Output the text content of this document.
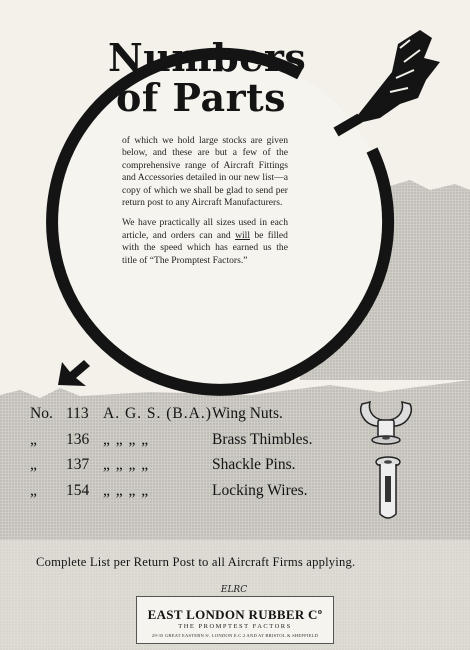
Numbers
of Parts

of which we hold large stocks are given below, and these are but a few of the comprehensive range of Aircraft Fittings and Accessories detailed in our new list—a copy of which we shall be glad to send per return post to any Aircraft Manufacturers.

We have practically all sizes used in each article, and orders can and will be filled with the speed which has earned us the title of “The Promptest Factors.”

No. 113 A. G. S. (B.A.) Wing Nuts.
„ 136 „ „ „ „	Brass Thimbles.
„ 137 „ „ „ „	Shackle Pins.
„ 154 „ „ „ „	Locking Wires.
Complete List per Return Post to all Aircraft Firms applying.
ELRC
EAST LONDON RUBBER Cº
THE PROMPTEST FACTORS
29-35 GREAT EASTERN Sᵗ, LONDON E.C.2 AND AT BRISTOL & SHEFFIELD
